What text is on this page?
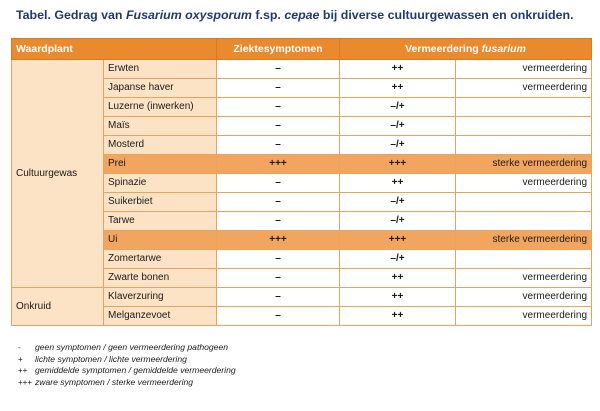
Tabel. Gedrag van Fusarium oxysporum f.sp. cepae bij diverse cultuurgewassen en onkruiden.
Waardplant		Ziektesymptomen	Vermeerdering fusarium	
Cultuurgewas	Erwten	–	++	vermeerdering
	Japanse haver	–	++	vermeerdering
	Luzerne (inwerken)	–	–/+	
	Maïs	–	–/+	
	Mosterd	–	–/+	
	Prei	+++	+++	sterke vermeerdering
	Spinazie	–	++	vermeerdering
	Suikerbiet	–	–/+	
	Tarwe	–	–/+	
	Ui	+++	+++	sterke vermeerdering
	Zomertarwe	–	–/+	
	Zwarte bonen	–	++	vermeerdering
Onkruid	Klaverzuring	–	++	vermeerdering
	Melganzevoet	–	++	vermeerdering
-	geen symptomen / geen vermeerdering pathogeen
+	lichte symptomen / lichte vermeerdering
++ gemiddelde symptomen / gemiddelde vermeerdering
+++ zware symptomen / sterke vermeerdering
